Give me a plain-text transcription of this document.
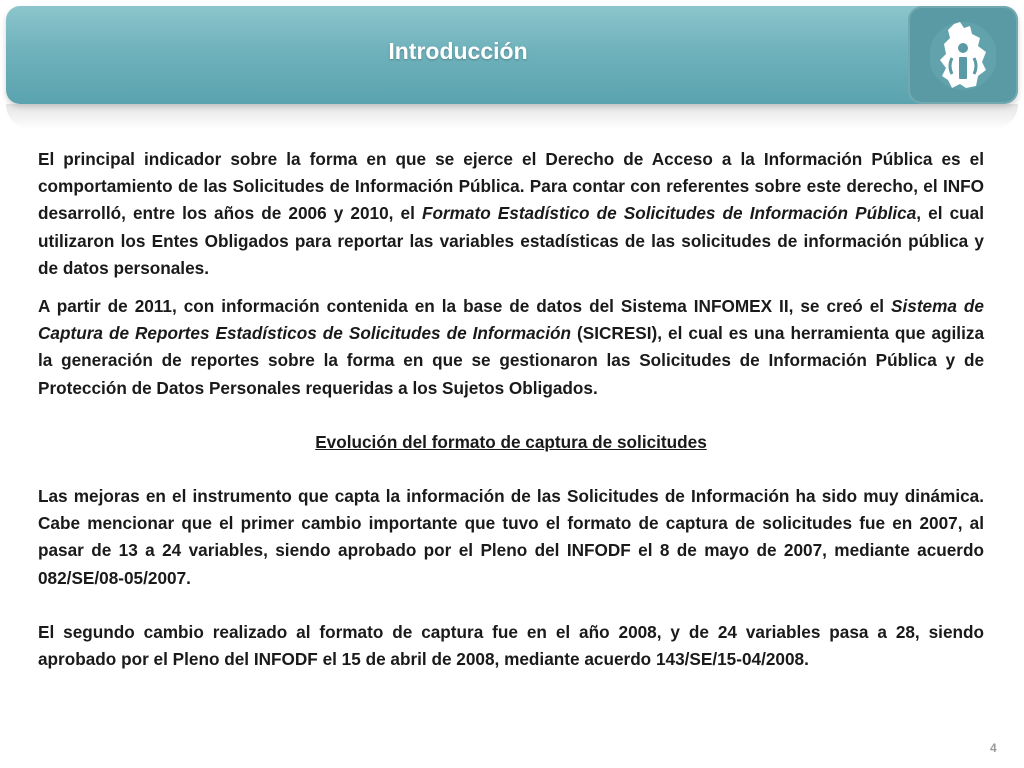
Introducción

El principal indicador sobre la forma en que se ejerce el Derecho de Acceso a la Información Pública es el comportamiento de las Solicitudes de Información Pública. Para contar con referentes sobre este derecho, el INFO desarrolló, entre los años de 2006 y 2010, el Formato Estadístico de Solicitudes de Información Pública, el cual utilizaron los Entes Obligados para reportar las variables estadísticas de las solicitudes de información pública y de datos personales.

A partir de 2011, con información contenida en la base de datos del Sistema INFOMEX II, se creó el Sistema de Captura de Reportes Estadísticos de Solicitudes de Información (SICRESI), el cual es una herramienta que agiliza la generación de reportes sobre la forma en que se gestionaron las Solicitudes de Información Pública y de Protección de Datos Personales requeridas a los Sujetos Obligados.

Evolución del formato de captura de solicitudes

Las mejoras en el instrumento que capta la información de las Solicitudes de Información ha sido muy dinámica. Cabe mencionar que el primer cambio importante que tuvo el formato de captura de solicitudes fue en 2007, al pasar de 13 a 24 variables, siendo aprobado por el Pleno del INFODF el 8 de mayo de 2007, mediante acuerdo 082/SE/08-05/2007.

El segundo cambio realizado al formato de captura fue en el año 2008, y de 24 variables pasa a 28, siendo aprobado por el Pleno del INFODF el 15 de abril de 2008, mediante acuerdo 143/SE/15-04/2008.

4
